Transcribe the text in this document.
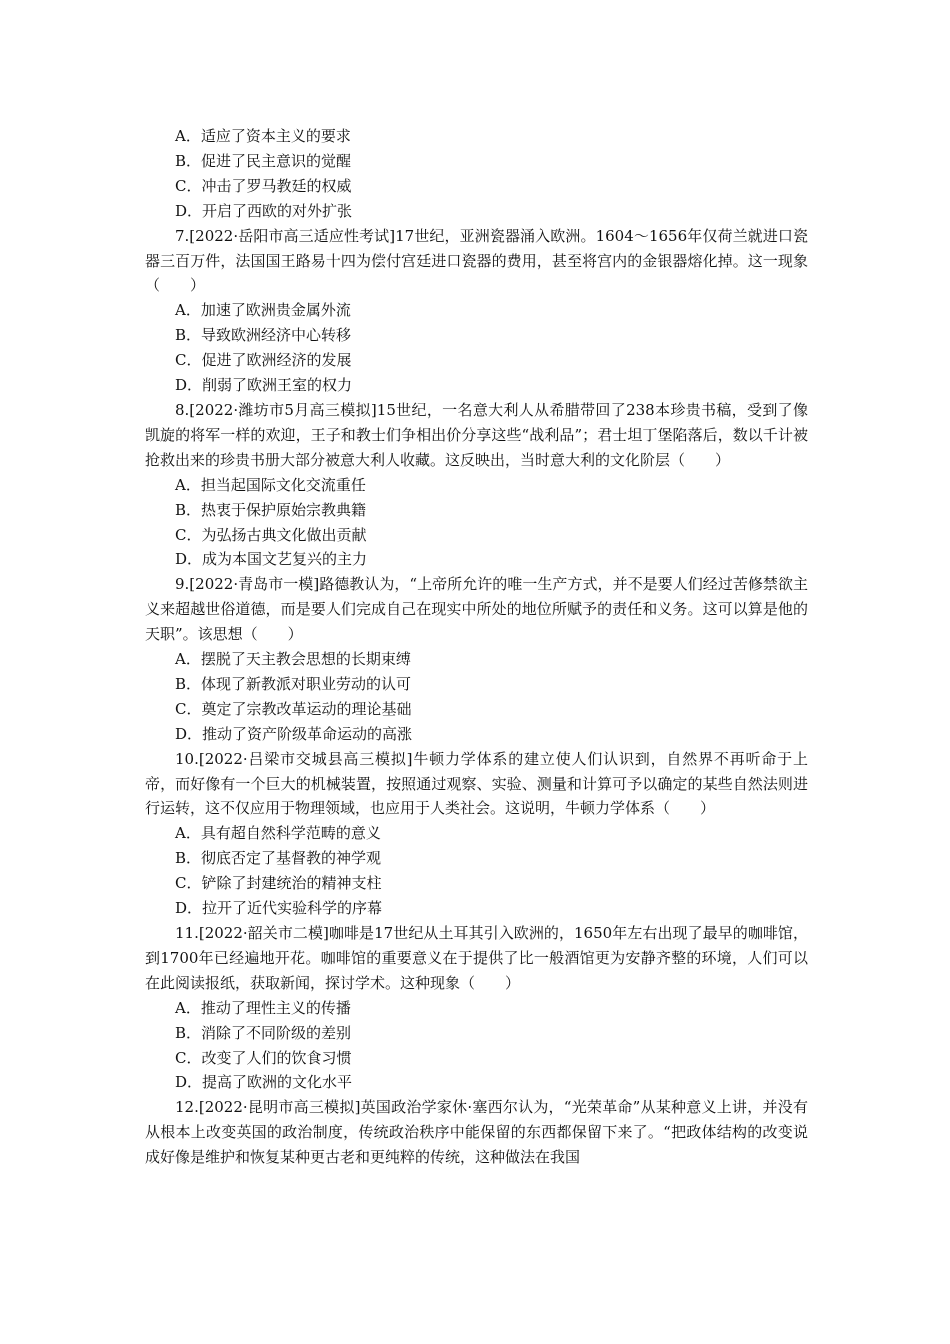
A．适应了资本主义的要求
B．促进了民主意识的觉醒
C．冲击了罗马教廷的权威
D．开启了西欧的对外扩张
7.[2022·岳阳市高三适应性考试]17世纪，亚洲瓷器涌入欧洲。1604～1656年仅荷兰就进口瓷器三百万件，法国国王路易十四为偿付宫廷进口瓷器的费用，甚至将宫内的金银器熔化掉。这一现象（　　）
A．加速了欧洲贵金属外流
B．导致欧洲经济中心转移
C．促进了欧洲经济的发展
D．削弱了欧洲王室的权力
8.[2022·潍坊市5月高三模拟]15世纪，一名意大利人从希腊带回了238本珍贵书稿，受到了像凯旋的将军一样的欢迎，王子和教士们争相出价分享这些“战利品”；君士坦丁堡陷落后，数以千计被抢救出来的珍贵书册大部分被意大利人收藏。这反映出，当时意大利的文化阶层（　　）
A．担当起国际文化交流重任
B．热衷于保护原始宗教典籍
C．为弘扬古典文化做出贡献
D．成为本国文艺复兴的主力
9.[2022·青岛市一模]路德教认为，“上帝所允许的唯一生产方式，并不是要人们经过苦修禁欲主义来超越世俗道德，而是要人们完成自己在现实中所处的地位所赋予的责任和义务。这可以算是他的天职”。该思想（　　）
A．摆脱了天主教会思想的长期束缚
B．体现了新教派对职业劳动的认可
C．奠定了宗教改革运动的理论基础
D．推动了资产阶级革命运动的高涨
10.[2022·吕梁市交城县高三模拟]牛顿力学体系的建立使人们认识到，自然界不再听命于上帝，而好像有一个巨大的机械装置，按照通过观察、实验、测量和计算可予以确定的某些自然法则进行运转，这不仅应用于物理领域，也应用于人类社会。这说明，牛顿力学体系（　　）
A．具有超自然科学范畴的意义
B．彻底否定了基督教的神学观
C．铲除了封建统治的精神支柱
D．拉开了近代实验科学的序幕
11.[2022·韶关市二模]咖啡是17世纪从土耳其引入欧洲的，1650年左右出现了最早的咖啡馆，到1700年已经遍地开花。咖啡馆的重要意义在于提供了比一般酒馆更为安静齐整的环境，人们可以在此阅读报纸，获取新闻，探讨学术。这种现象（　　）
A．推动了理性主义的传播
B．消除了不同阶级的差别
C．改变了人们的饮食习惯
D．提高了欧洲的文化水平
12.[2022·昆明市高三模拟]英国政治学家休·塞西尔认为，“光荣革命”从某种意义上讲，并没有从根本上改变英国的政治制度，传统政治秩序中能保留的东西都保留下来了。“把政体结构的改变说成好像是维护和恢复某种更古老和更纯粹的传统，这种做法在我国
